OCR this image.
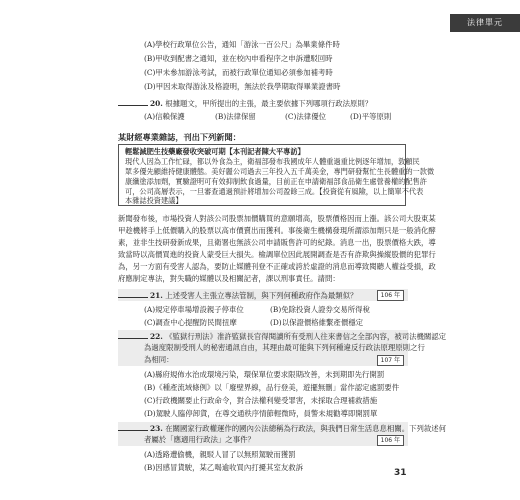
法律單元
(A)學校行政單位公告，通知「游泳一百公尺」為畢業條件時
(B)甲收到配書之通知，並在校內申看程序之申訴遭駁回時
(C)甲未參加游泳考試，而被行政單位通知必須參加補考時
(D)甲因未取得游泳及格證明，無法於我學期取得畢業證書時
20. 根據題文，甲所提出的主張，最主要依據下列哪項行政法原則？
(A)信賴保護	(B)法律保留	(C)法律優位	(D)平等原則
某財經專業雜誌，刊出下列新聞：
輕鬆減肥生技藥廠發收突破可期【本刊記者陳大平專訪】
現代人因為工作忙碌，都以外食為主，衛福部發布我國成年人體重過重比例逐年增加，敦顧民
眾多優先顧維持健康體態。美好麗公司過去三年投入五千萬美金，專門研發幫忙生長體重的一款微
康纖塗添加劑，實驗證明可有效抑制飲食過量，目前正在申請衛福部食品衛生處營養權的配售許
可，公司高層表示，一旦審查通過預計將增加公司盈餘三成。【投資從有風險，以上簡單不代表
本雜誌投資建議】
新聞發布後，市場投資人對該公司股票加價購買的意願增高，股票價格因而上漲。該公司大股東某
甲趁機將手上低價購入的股票以高市價賣出而獲利。事後衛生機構發現所謂添加劑只是一般消化酵
素，並非生技研發新成果，且衛署也無該公司申請販售許可的紀錄。消息一出，股票價格大跌，導
致當時以高價買進的投資人蒙受巨大損失。檢調單位因此展開調查是否有詐欺與操縱股價的犯罪行
為，另一方面有受害人認為，要防止媒體刊登不正確或誇於虛證的消息而導致閱聽人權益受損，政
府應制定專法，對失職的媒體以及相關記者，課以刑事責任。請問：
21. 上述受害人主張立專法管制，與下列何種政府作為最類似？	106 年
(A)規定停車場增設親子停車位	(B)免除投資人證券交易所得稅
(C)調查中心提醒防民間扭摩	(D)以保證價格維繫產價穩定
22. 《監獄行刑法》准許監獄長官得閱讀所有受刑人往來書信之全部內容，被司法機關認定
為過度限制受刑人的秘密通訊自由，其理由最可能與下列何種違反行政法原理原則之行
為相同：	107 年
(A)縣府規佈水治成環境污染，環保單位要求限期改善，未到期即先行開罰
(B)《種產流域條例》以「廢壁界線，品行登美，遊擺無刪」當作認定處罰要件
(C)行政機關要止行政命令，對合法權利變受罪害，未採取合理補救措施
(D)駕駛人臨停卸貨，在尊交通秩序情節輕微時，員警未規勸導即開罰單
23. 在關國家行政權運作的國內公法總稱為行政法，與我們日常生活息息相關。下列敘述何
者屬於「應適用行政法」之事件？	106 年
(A)透路遭偷機，親駁人冒了以無照駕駛而獲罰
(B)因感冒貨駛，某乙喝逾收買內打擾其室友救訴
31
